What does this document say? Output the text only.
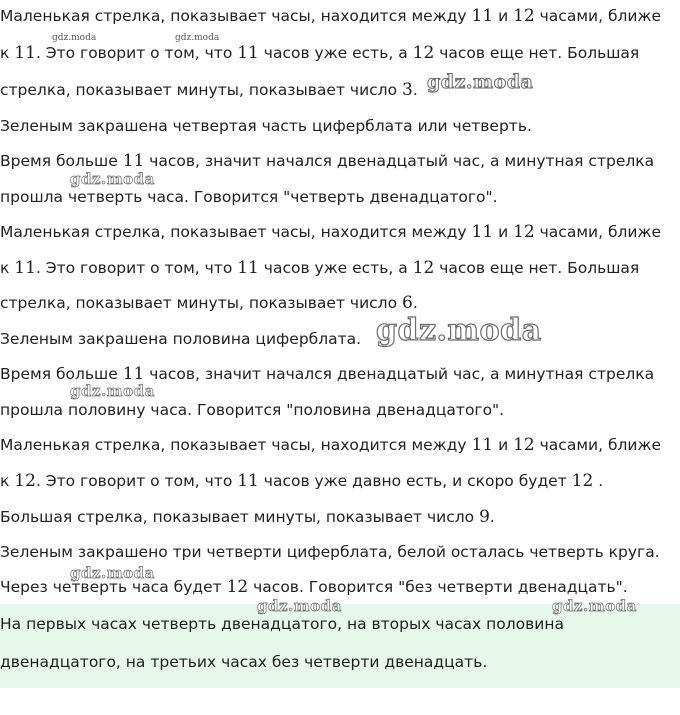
Маленькая стрелка, показывает часы, находится между 11 и 12 часами, ближе
к 11. Это говорит о том, что 11 часов уже есть, а 12 часов еще нет. Большая
стрелка, показывает минуты, показывает число 3.
Зеленым закрашена четвертая часть циферблата или четверть.
Время больше 11 часов, значит начался двенадцатый час, а минутная стрелка
прошла четверть часа. Говорится "четверть двенадцатого".
Маленькая стрелка, показывает часы, находится между 11 и 12 часами, ближе
к 11. Это говорит о том, что 11 часов уже есть, а 12 часов еще нет. Большая
стрелка, показывает минуты, показывает число 6.
Зеленым закрашена половина циферблата.
Время больше 11 часов, значит начался двенадцатый час, а минутная стрелка
прошла половину часа. Говорится "половина двенадцатого".
Маленькая стрелка, показывает часы, находится между 11 и 12 часами, ближе
к 12. Это говорит о том, что 11 часов уже давно есть, и скоро будет 12 .
Большая стрелка, показывает минуты, показывает число 9.
Зеленым закрашено три четверти циферблата, белой осталась четверть круга.
Через четверть часа будет 12 часов. Говорится "без четверти двенадцать".
На первых часах четверть двенадцатого, на вторых часах половина
двенадцатого, на третьих часах без четверти двенадцать.
gdz.moda	gdz.moda
gdz.moda
gdz.moda
gdz.moda
gdz.moda
gdz.moda
gdz.moda	gdz.moda
